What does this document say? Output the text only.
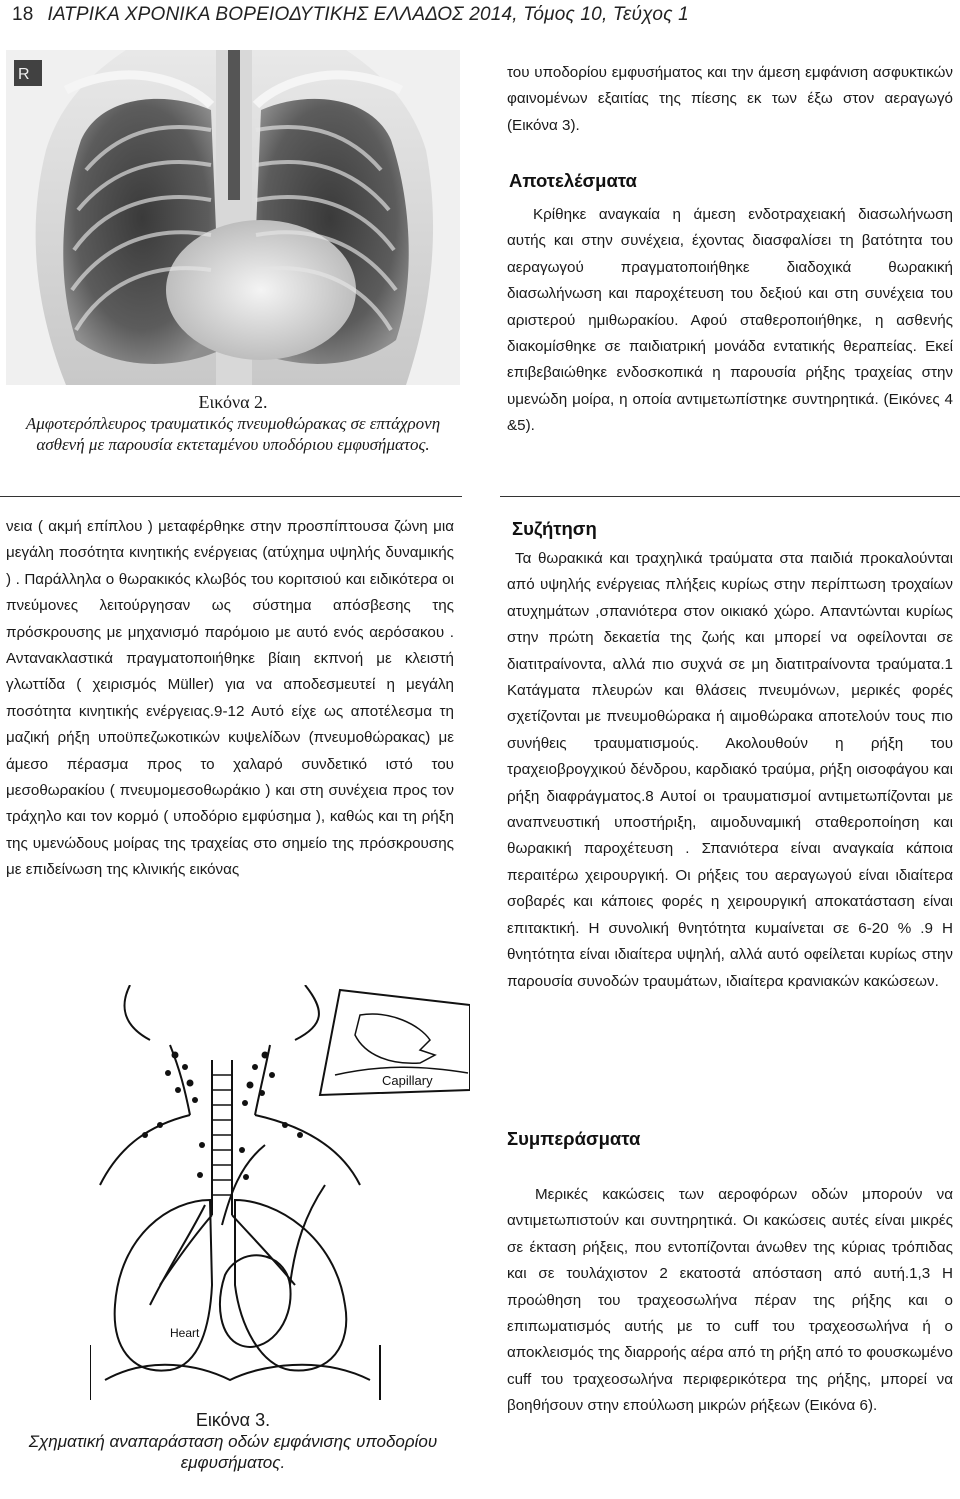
18 ΙΑΤΡΙΚΑ ΧΡΟΝΙΚΑ ΒΟΡΕΙΟΔΥΤΙΚΗΣ ΕΛΛΑΔΟΣ 2014, Τόμος 10, Τεύχος 1
R
Εικόνα 2.
Αμφοτερόπλευρος τραυματικός πνευμοθώρακας σε επτάχρονη ασθενή με παρουσία εκτεταμένου υποδόριου εμφυσήματος.

του υποδορίου εμφυσήματος και την άμεση εμφάνιση ασφυκτικών φαινομένων εξαιτίας της πίεσης εκ των έξω στον αεραγωγό (Εικόνα 3).

Αποτελέσματα

Κρίθηκε αναγκαία η άμεση ενδοτραχειακή διασωλήνωση αυτής και στην συνέχεια, έχοντας διασφαλίσει τη βατότητα του αεραγωγού πραγματοποιήθηκε διαδοχικά θωρακική διασωλήνωση και παροχέτευση του δεξιού και στη συνέχεια του αριστερού ημιθωρακίου. Αφού σταθεροποιήθηκε, η ασθενής διακομίσθηκε σε παιδιατρική μονάδα εντατικής θεραπείας. Εκεί επιβεβαιώθηκε ενδοσκοπικά η παρουσία ρήξης τραχείας στην υμενώδη μοίρα, η οποία αντιμετωπίστηκε συντηρητικά. (Εικόνες 4 &5).

νεια ( ακμή επίπλου ) μεταφέρθηκε στην προσπίπτουσα ζώνη μια μεγάλη ποσότητα κινητικής ενέργειας (ατύχημα υψηλής δυναμικής ) . Παράλληλα ο θωρακικός κλωβός του κοριτσιού και ειδικότερα οι πνεύμονες λειτούργησαν ως σύστημα απόσβεσης της πρόσκρουσης με μηχανισμό παρόμοιο με αυτό ενός αερόσακου . Ανταvακλαστικά πραγματοποιήθηκε βίαιη εκπνοή με κλειστή γλωττίδα ( χειρισμός Müller) για να αποδεσμευτεί η μεγάλη ποσότητα κινητικής ενέργειας.9-12 Αυτό είχε ως αποτέλεσμα τη μαζική ρήξη υποϋπεζωκοτικών κυψελίδων (πνευμοθώρακας) με άμεσο πέρασμα προς το χαλαρό συνδετικό ιστό του μεσοθωρακίου ( πνευμομεσοθωράκιο ) και στη συνέχεια προς τον τράχηλο και τον κορμό ( υποδόριο εμφύσημα ), καθώς και τη ρήξη της υμενώδους μοίρας της τραχείας στο σημείο της πρόσκρουσης με επιδείνωση της κλινικής εικόνας

Συζήτηση

Τα θωρακικά και τραχηλικά τραύματα στα παιδιά προκαλούνται από υψηλής ενέργειας πλήξεις κυρίως στην περίπτωση τροχαίων ατυχημάτων ,σπανιότερα στον οικιακό χώρο. Απαντώνται κυρίως στην πρώτη δεκαετία της ζωής και μπορεί να οφείλονται σε διατιτραίνοντα, αλλά πιο συχνά σε μη διατιτραίνοντα τραύματα.1 Κατάγματα πλευρών και θλάσεις πνευμόνων, μερικές φορές σχετίζονται με πνευμοθώρακα ή αιμοθώρακα αποτελούν τους πιο συνήθεις τραυματισμούς. Ακολουθούν η ρήξη του τραχειοβρογχικού δένδρου, καρδιακό τραύμα, ρήξη οισοφάγου και ρήξη διαφράγματος.8 Αυτοί οι τραυματισμοί αντιμετωπίζονται με αναπνευστική υποστήριξη, αιμοδυναμική σταθεροποίηση και θωρακική παροχέτευση . Σπανιότερα είναι αναγκαία κάποια περαιτέρω χειρουργική. Οι ρήξεις του αεραγωγού είναι ιδιαίτερα σοβαρές και κάποιες φορές η χειρουργική αποκατάσταση είναι επιτακτική. Η συνολική θνητότητα κυμαίνεται σε 6-20 % .9 Η θνητότητα είναι ιδιαίτερα υψηλή, αλλά αυτό οφείλεται κυρίως στην παρουσία συνοδών τραυμάτων, ιδιαίτερα κρανιακών κακώσεων.

Συμπεράσματα

Μερικές κακώσεις των αεροφόρων οδών μπορούν να αντιμετωπιστούν και συντηρητικά. Οι κακώσεις αυτές είναι μικρές σε έκταση ρήξεις, που εντοπίζονται άνωθεν της κύριας τρόπιδας και σε τουλάχιστον 2 εκατοστά απόσταση από αυτή.1,3 Η προώθηση του τραχεοσωλήνα πέραν της ρήξης και ο επιπωματισμός αυτής με το cuff του τραχεοσωλήνα ή ο αποκλεισμός της διαρροής αέρα από τη ρήξη από το φουσκωμένο cuff του τραχεοσωλήνα περιφερικότερα της ρήξης, μπορεί να βοηθήσουν στην επούλωση μικρών ρήξεων (Εικόνα 6).

Capillary
Heart
Εικόνα 3.
Σχηματική αναπαράσταση οδών εμφάνισης υποδορίου εμφυσήματος.
